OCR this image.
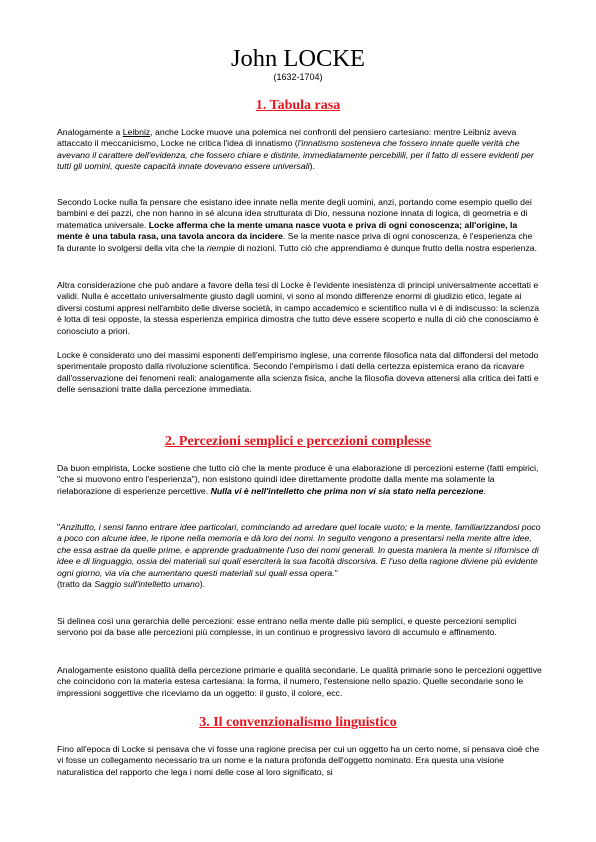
John LOCKE
(1632-1704)
1. Tabula rasa

Analogamente a Leibniz, anche Locke muove una polemica nei confronti del pensiero cartesiano: mentre Leibniz aveva attaccato il meccanicismo, Locke ne critica l'idea di innatismo (l'innatismo sosteneva che fossero innate quelle verità che avevano il carattere dell'evidenza, che fossero chiare e distinte, immediatamente percebilili, per il fatto di essere evidenti per tutti gli uomini, queste capacità innate dovevano essere universali).

Secondo Locke nulla fa pensare che esistano idee innate nella mente degli uomini, anzi, portando come esempio quello dei bambini e dei pazzi, che non hanno in sé alcuna idea strutturata di Dio, nessuna nozione innata di logica, di geometria e di matematica universale. Locke afferma che la mente umana nasce vuota e priva di ogni conoscenza; all'origine, la mente è una tabula rasa, una tavola ancora da incidere. Se la mente nasce priva di ogni conoscenza, è l'esperienza che fa durante lo svolgersi della vita che la riempie di nozioni. Tutto ciò che apprendiamo è dunque frutto della nostra esperienza.

Altra considerazione che può andare a favore della tesi di Locke è l'evidente inesistenza di principi universalmente accettati e validi. Nulla è accettato universalmente giusto dagli uomini, vi sono al mondo differenze enormi di giudizio etico, legate ai diversi costumi appresi nell'ambito delle diverse società, in campo accademico e scientifico nulla vi è di indiscusso: la scienza è lotta di tesi opposte, la stessa esperienza empirica dimostra che tutto deve essere scoperto e nulla di ciò che conosciamo è conosciuto a priori.

Locke è considerato uno dei massimi esponenti dell'empirismo inglese, una corrente filosofica nata dal diffondersi del metodo sperimentale proposto dalla rivoluzione scientifica. Secondo l'empirismo i dati della certezza epistemica erano da ricavare dall'osservazione dei fenomeni reali: analogamente alla scienza fisica, anche la filosofia doveva attenersi alla critica dei fatti e delle sensazioni tratte dalla percezione immediata.

2. Percezioni semplici e percezioni complesse

Da buon empirista, Locke sostiene che tutto ciò che la mente produce è una elaborazione di percezioni esterne (fatti empirici, "che si muovono entro l'esperienza"), non esistono quindi idee direttamente prodotte dalla mente ma solamente la rielaborazione di esperienze percettive. Nulla vi è nell'intelletto che prima non vi sia stato nella percezione.

"Anzitutto, i sensi fanno entrare idee particolari, cominciando ad arredare quel locale vuoto; e la mente, familiarizzandosi poco a poco con alcune idee, le ripone nella memoria e dà loro dei nomi. In seguito vengono a presentarsi nella mente altre idee, che essa astrae da quelle prime, e apprende gradualmente l'uso dei nomi generali. In questa maniera la mente si rifornisce di idee e di linguaggio, ossia dei materiali sui quali eserciterà la sua facoltà discorsiva. E l'uso della ragione diviene più evidente ogni giorno, via via che aumentano questi materiali sui quali essa opera."
(tratto da Saggio sull'intelletto umano).

Si delinea così una gerarchia delle percezioni: esse entrano nella mente dalle più semplici, e queste percezioni semplici servono poi da base alle percezioni più complesse, in un continuo e progressivo lavoro di accumulo e affinamento.

Analogamente esistono qualità della percezione primarie e qualità secondarie. Le qualità primarie sono le percezioni oggettive che coincidono con la materia estesa cartesiana: la forma, il numero, l'estensione nello spazio. Quelle secondarie sono le impressioni soggettive che riceviamo da un oggetto: il gusto, il colore, ecc.

3. Il convenzionalismo linguistico

Fino all'epoca di Locke si pensava che vi fosse una ragione precisa per cui un oggetto ha un certo nome, si pensava cioè che vi fosse un collegamento necessario tra un nome e la natura profonda dell'oggetto nominato. Era questa una visione naturalistica del rapporto che lega i nomi delle cose al loro significato, si
